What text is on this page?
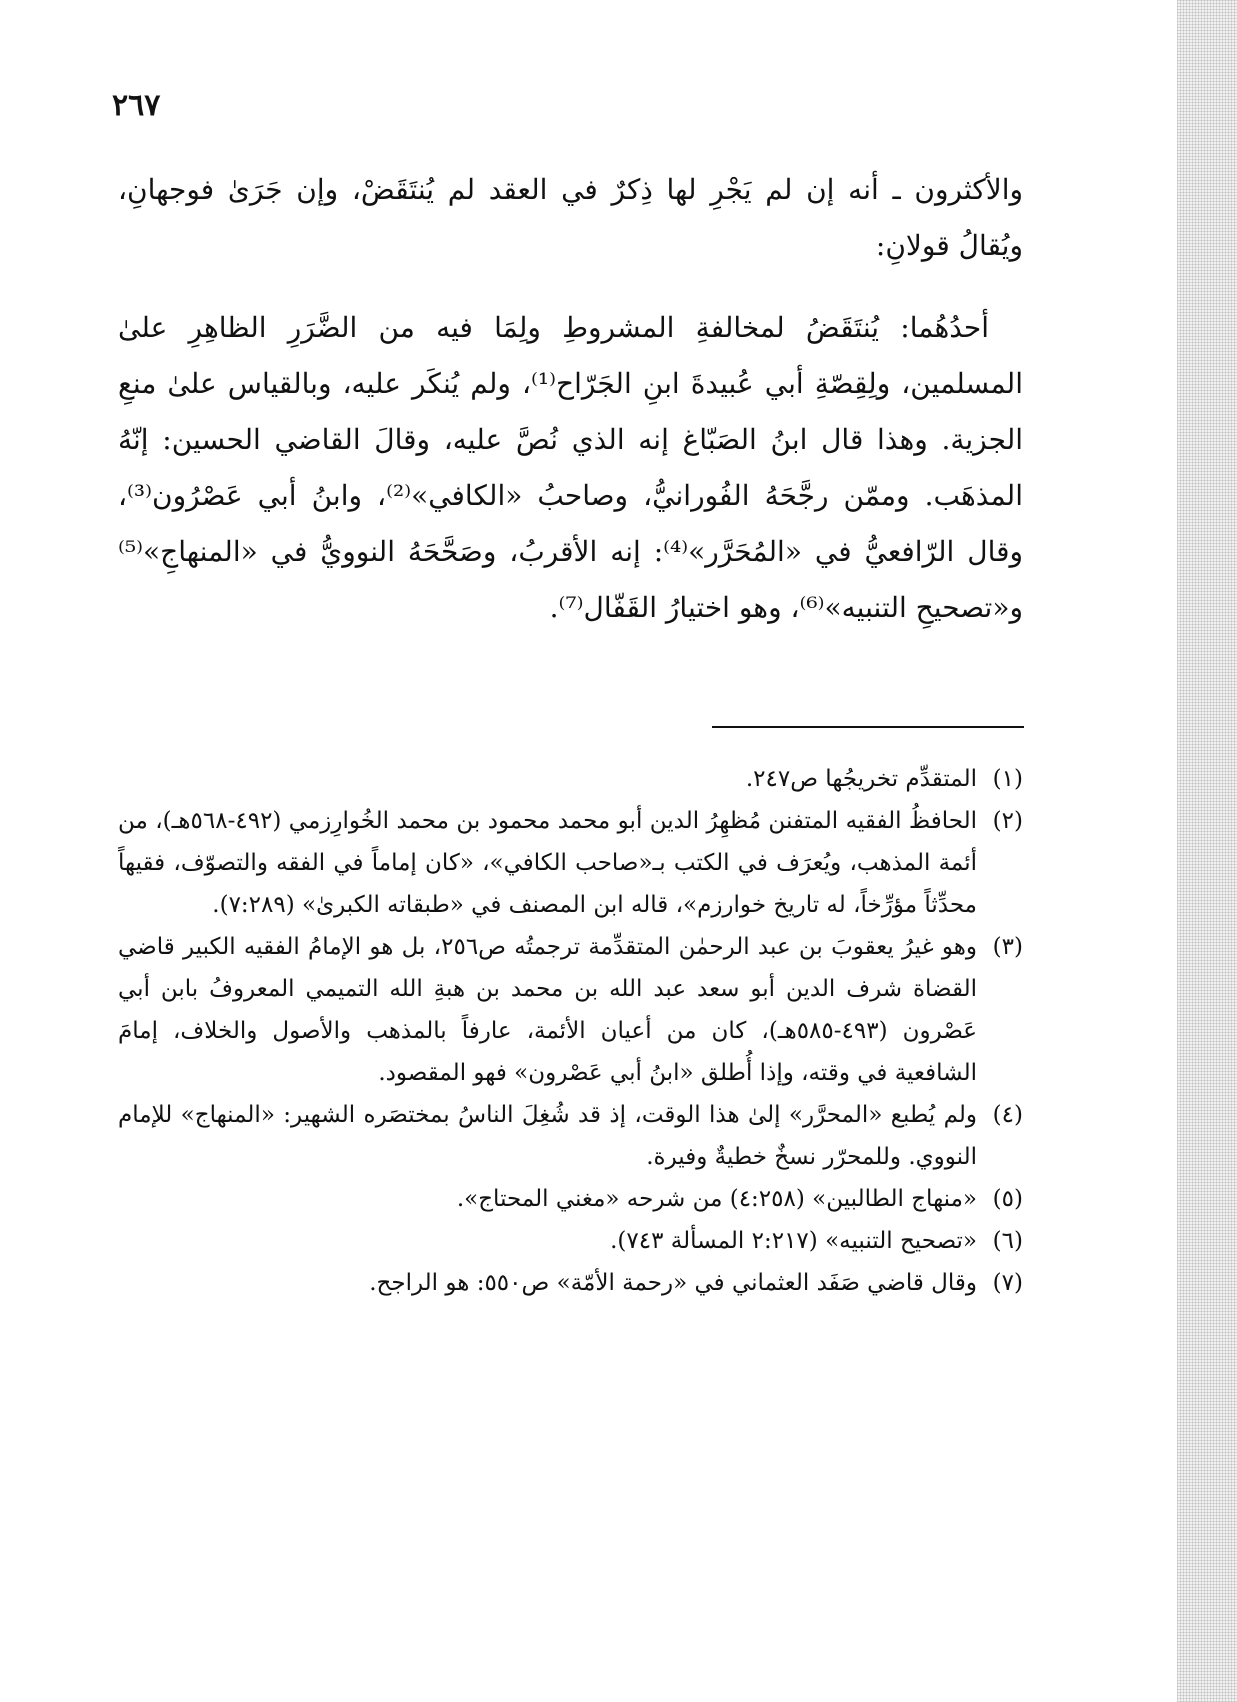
٢٦٧

والأكثرون ـ أنه إن لم يَجْرِ لها ذِكرٌ في العقد لم يُنتَقَضْ، وإن جَرَىٰ فوجهانِ، ويُقالُ قولانِ:

أحدُهُما: يُنتَقَضُ لمخالفةِ المشروطِ ولِمَا فيه من الضَّرَرِ الظاهِرِ علىٰ المسلمين، ولِقِصّةِ أبي عُبيدةَ ابنِ الجَرّاح⁽¹⁾، ولم يُنكَر عليه، وبالقياس علىٰ منعِ الجزية. وهذا قال ابنُ الصَبّاغ إنه الذي نُصَّ عليه، وقالَ القاضي الحسين: إنّهُ المذهَب. وممّن رجَّحَهُ الفُورانيُّ، وصاحبُ «الكافي»⁽²⁾، وابنُ أبي عَصْرُون⁽³⁾، وقال الرّافعيُّ في «المُحَرَّر»⁽⁴⁾: إنه الأقربُ، وصَحَّحَهُ النوويُّ في «المنهاجِ»⁽⁵⁾ و«تصحيحِ التنبيه»⁽⁶⁾، وهو اختيارُ القَفّال⁽⁷⁾.

(١)المتقدِّم تخريجُها ص٢٤٧.

(٢)الحافظُ الفقيه المتفنن مُظهِرُ الدين أبو محمد محمود بن محمد الخُوارِزمي (٤٩٢-٥٦٨هـ)، من أئمة المذهب، ويُعرَف في الكتب بـ«صاحب الكافي»، «كان إماماً في الفقه والتصوّف، فقيهاً محدِّثاً مؤرِّخاً، له تاريخ خوارزم»، قاله ابن المصنف في «طبقاته الكبرىٰ» (٧:٢٨٩).

(٣)وهو غيرُ يعقوبَ بن عبد الرحمٰن المتقدِّمة ترجمتُه ص٢٥٦، بل هو الإمامُ الفقيه الكبير قاضي القضاة شرف الدين أبو سعد عبد الله بن محمد بن هبةِ الله التميمي المعروفُ بابن أبي عَصْرون (٤٩٣-٥٨٥هـ)، كان من أعيان الأئمة، عارفاً بالمذهب والأصول والخلاف، إمامَ الشافعية في وقته، وإذا أُطلق «ابنُ أبي عَصْرون» فهو المقصود.

(٤)ولم يُطبع «المحرَّر» إلىٰ هذا الوقت، إذ قد شُغِلَ الناسُ بمختصَره الشهير: «المنهاج» للإمام النووي. وللمحرّر نسخٌ خطيةٌ وفيرة.

(٥)«منهاج الطالبين» (٤:٢٥٨) من شرحه «مغني المحتاج».

(٦)«تصحيح التنبيه» (٢:٢١٧ المسألة ٧٤٣).

(٧)وقال قاضي صَفَد العثماني في «رحمة الأمّة» ص٥٥٠: هو الراجح.
